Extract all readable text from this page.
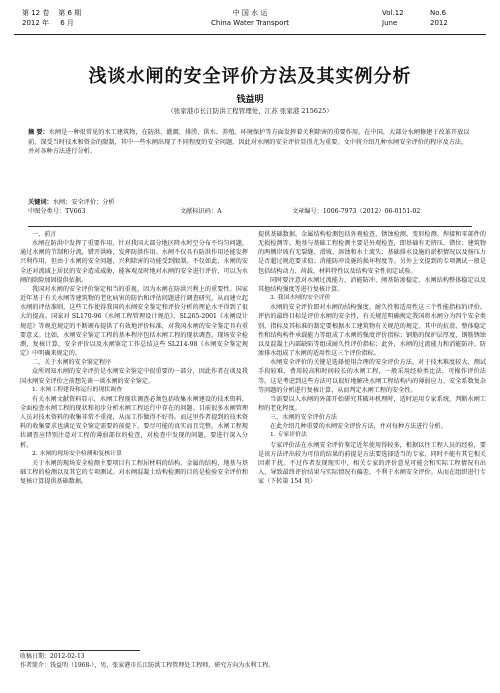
第 12 卷 第 6 期
2012 年 6 月
中 国 水 运
China Water Transport
Vol.12	No.6
June	2012
浅谈水闸的安全评价方法及其实例分析
钱益明
（张家港市长江防洪工程管理处，江苏 张家港 215625）
摘 要：水闸是一种很常见的水工建筑物，在防洪、灌溉、排涝、供水、养殖、环境保护等方面发挥着关利除害的重要作用。在中国，大部分水闸修建于改革开放以前，深受当时技术和资金的限制，其中一些水闸出现了不同程度的安全问题，因此对水闸的安全评价显得尤为重要。文中将介绍几种水闸安全评价的程序及方法，并对各种方法进行分析。
关键词：水闸；安全评价；分析
中图分类号：TV663	文献标识码：A	文章编号：1006-7973（2012）06-0151-02

一、前言

水闸在防洪中发挥了重要作用，针对我国大部分地区降水时空分布不均匀问题，通过水闸的节制和分流，错开洪峰，发挥防洪作用。水闸不仅具有防洪作用还能发挥兴利作用，但由于水闸的安全问题，兴利除害的功能受到限制。不仅如此，水闸的安全还对流域上居民的安全造成威胁，能客观及时地对水闸的安全进行评价，可以为水闸的除险加固提供依据。

我国对水闸的安全评价鉴定相当的重视，因为水闸在防洪兴利上的重要性。国家近年基于有关水闸等建筑物的老化病害的防治和评估问题进行调查研究，从而建立起水闸的评估准则，这些工作使得我国的水闸安全鉴定和评价分析的理论水平得到了很大的提高。国家对 SL170-96《水闸工程管理设计规范》、SL265-2001《水闸设计规范》等规范规定的不断颁布提供了有效地评价标准，对我国水闸的安全鉴定具有重要意义。比如，水闸安全鉴定工程的基本程序包括水闸工程的现状调查，现场安全检测，复核计算，安全评价以及水闸鉴定工作总结这些 SL214-98《水闸安全鉴定规定》中明确来规定的。

二、关于水闸的安全鉴定程序

众所周知水闸的安全评价是水闸安全鉴定中很重要的一部分，因此作者在谈及我国水闸安全评价之前想先谈一谈水闸的安全鉴定。

1. 水闸工程建设和运行的现状调查

有关水闸文献资料显示，水闸工程现状调查必须包括收集水闸建设的技术资料，全面检查水闸工程的现状和初步分析水闸工程运行中存在的问题。目前很多水闸管理人员对技术资料的收集非常不重视，从而工作做得不好得。而这里作者提到的技术资料的收集要求也满足安全鉴定需要的前提下，要尽可能的真实而且完整。水闸工程现状调查应特别注意对工程的薄弱部位的检查，对检查中发现的问题，要进行深入分析。

2. 水闸的现场安全检测和复核计算

关于水闸的现场安全检测主要项目有工程屈材料的结构、金属的结构，地基与基础工程的检测以及其它的专项测试。对水闸混凝土结构检测的目的是检验安全评价和复核计算提供基础数据。

提供基础数据，金属结构检测包括外观检查、锈蚀检测、变形检测、焊接和零部件的无损检测等。地基与基础工程检测主要是外观检查，即基础有无挤压、错位；建筑物的两侧岸坡有无裂缝、滑坡、溶蚀和水土流失；基础排水设施的淤积情况以及扬压力是否超过规范要求值；消能防冲设施的损坏程度等。另外上文提到的专项测试一般是包括结构动力、荷载、材料特性以及结构安全性初定试验。

同时要注意对水闸过流能力、消能防冲、闸基防渗稳定、水闸结构整体稳定以及其他结构强度等进行复核计算。

3. 我国水闸的安全评价

水闸的安全评价即对水闸的结构强度、耐久性和适用性这三个性能指标的评价。评估的最终目标是评价水闸的安全性，有关规范明确规定我国将水闸分为四个安全类别，指标及其标准的制定要根据水工建筑物有关规范的规定。其中的抗滑、整体稳定性和结构构件承载能力等组成了水闸的强度评价指标；钢筋的保护层厚度，钢筋锈蚀以及混凝土内部缺陷等组成耐久性评价指标；此外，水闸的过流能力和消能防冲、防渗排水组成了水闸的适用性这三个评价指标。

水闸安全评价的关键是选择使用合理的安全评价方法。对于技术难度较大、测试手段较难、费用较高和时间较长的水闸工程，一般采用经验类比法，可操作评价法等。这是考虑到这些方法可以很好地解决水闸工程结构内的薄弱应力、安全系数复杂等问题的分析进行复核计算，从而判定水闸工程的安全性。

当需要以人水闸的外部开始研究其破坏机理时，适时运用专家系统，判断水闸工程的老化程度。

三、水闸的安全评价方法

在此介绍几种重要的水闸安全评价方法，并对每种方法进行分析。

1. 专家评价法

专家评价法在水闸安全评价鉴定近年使用得较多，根据以往工程人员的经验，要是该方法评出较为可信的结果的前提是方法要选择适当的专家，同时不能有其它相关因素干扰。不过作者发现现实中，相关专家的评价意见可能会和实际工程情况有出入，导致最终评价结果与实际情况有偏差，不利于水闸安全评价。从而在组织进行专家（下转第 154 页）

收稿日期：2012-02-13
作者简介：钱益明（1968-），男，张家港市长江防洪工程管理处工程师，研究方向为水利工程。
